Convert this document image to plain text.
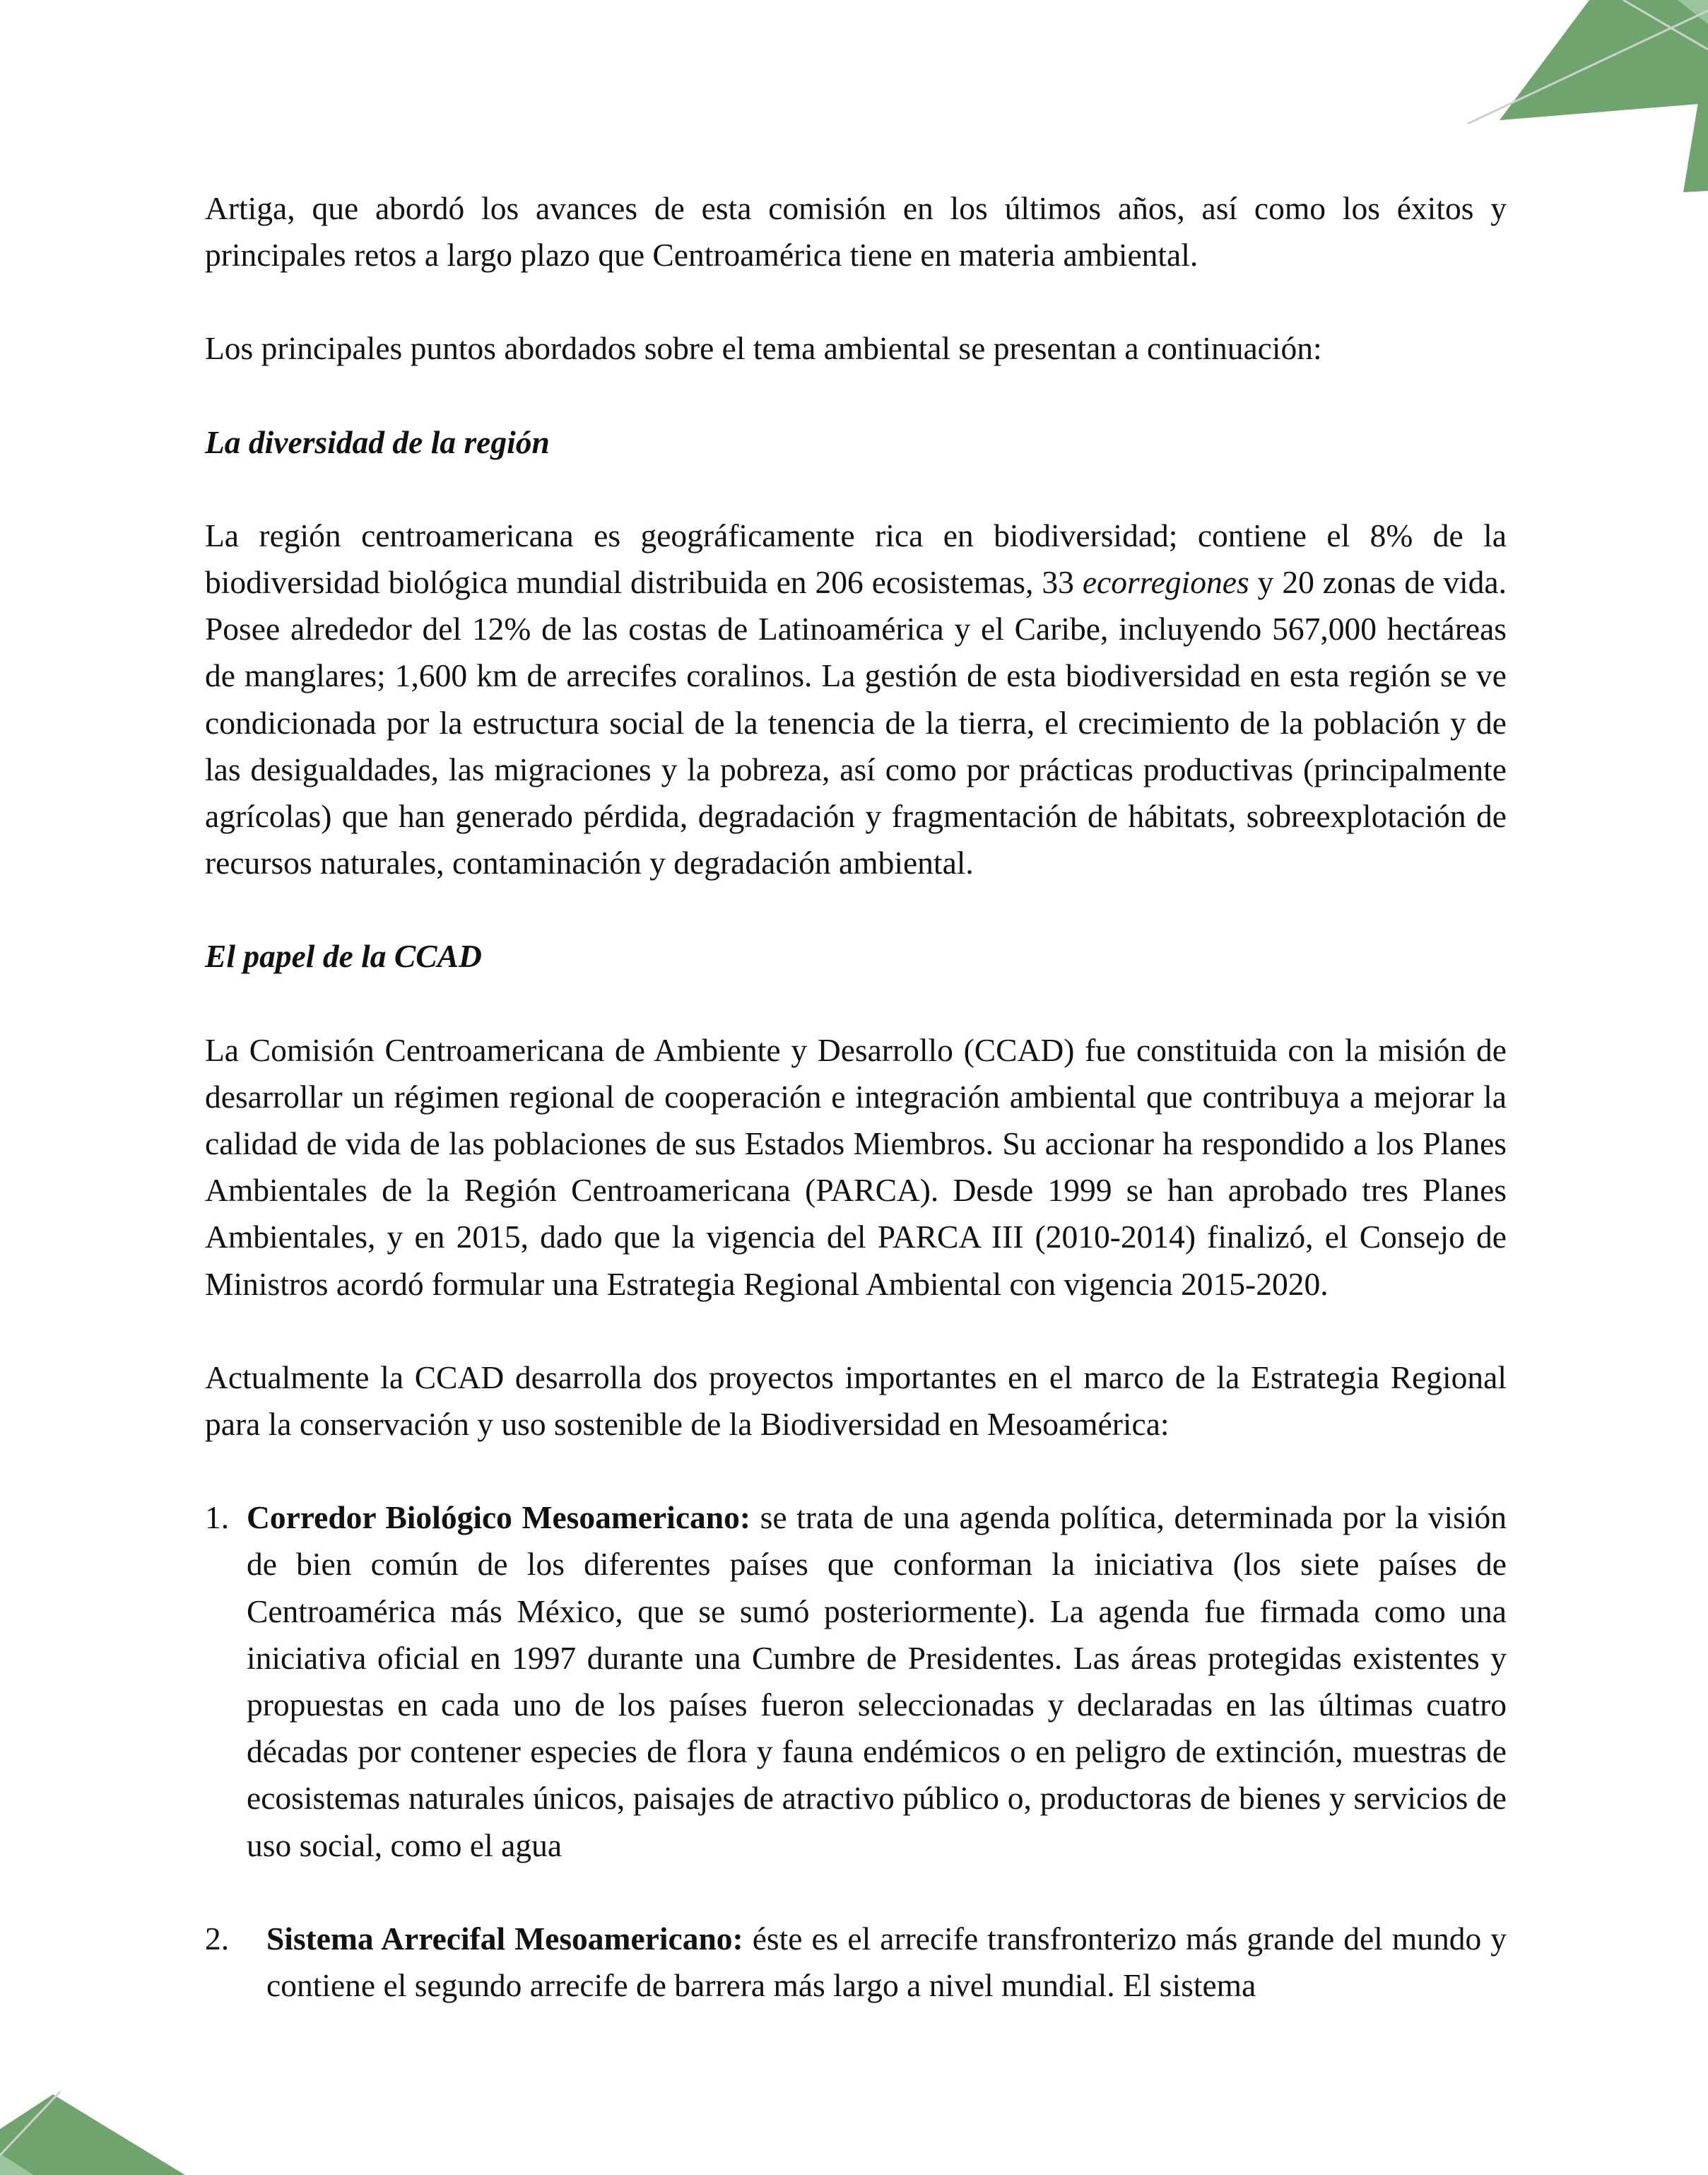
Artiga, que abordó los avances de esta comisión en los últimos años, así como los éxitos y principales retos a largo plazo que Centroamérica tiene en materia ambiental.

Los principales puntos abordados sobre el tema ambiental se presentan a continuación:

La diversidad de la región

La región centroamericana es geográficamente rica en biodiversidad; contiene el 8% de la biodiversidad biológica mundial distribuida en 206 ecosistemas, 33 ecorregiones y 20 zonas de vida. Posee alrededor del 12% de las costas de Latinoamérica y el Caribe, incluyendo 567,000 hectáreas de manglares; 1,600 km de arrecifes coralinos. La gestión de esta biodiversidad en esta región se ve condicionada por la estructura social de la tenencia de la tierra, el crecimiento de la población y de las desigualdades, las migraciones y la pobreza, así como por prácticas productivas (principalmente agrícolas) que han generado pérdida, degradación y fragmentación de hábitats, sobreexplotación de recursos naturales, contaminación y degradación ambiental.

El papel de la CCAD

La Comisión Centroamericana de Ambiente y Desarrollo (CCAD) fue constituida con la misión de desarrollar un régimen regional de cooperación e integración ambiental que contribuya a mejorar la calidad de vida de las poblaciones de sus Estados Miembros. Su accionar ha respondido a los Planes Ambientales de la Región Centroamericana (PARCA). Desde 1999 se han aprobado tres Planes Ambientales, y en 2015, dado que la vigencia del PARCA III (2010-2014) finalizó, el Consejo de Ministros acordó formular una Estrategia Regional Ambiental con vigencia 2015-2020.

Actualmente la CCAD desarrolla dos proyectos importantes en el marco de la Estrategia Regional para la conservación y uso sostenible de la Biodiversidad en Mesoamérica:

1. Corredor Biológico Mesoamericano: se trata de una agenda política, determinada por la visión de bien común de los diferentes países que conforman la iniciativa (los siete países de Centroamérica más México, que se sumó posteriormente). La agenda fue firmada como una iniciativa oficial en 1997 durante una Cumbre de Presidentes. Las áreas protegidas existentes y propuestas en cada uno de los países fueron seleccionadas y declaradas en las últimas cuatro décadas por contener especies de flora y fauna endémicos o en peligro de extinción, muestras de ecosistemas naturales únicos, paisajes de atractivo público o, productoras de bienes y servicios de uso social, como el agua
2. Sistema Arrecifal Mesoamericano: éste es el arrecife transfronterizo más grande del mundo y contiene el segundo arrecife de barrera más largo a nivel mundial. El sistema
